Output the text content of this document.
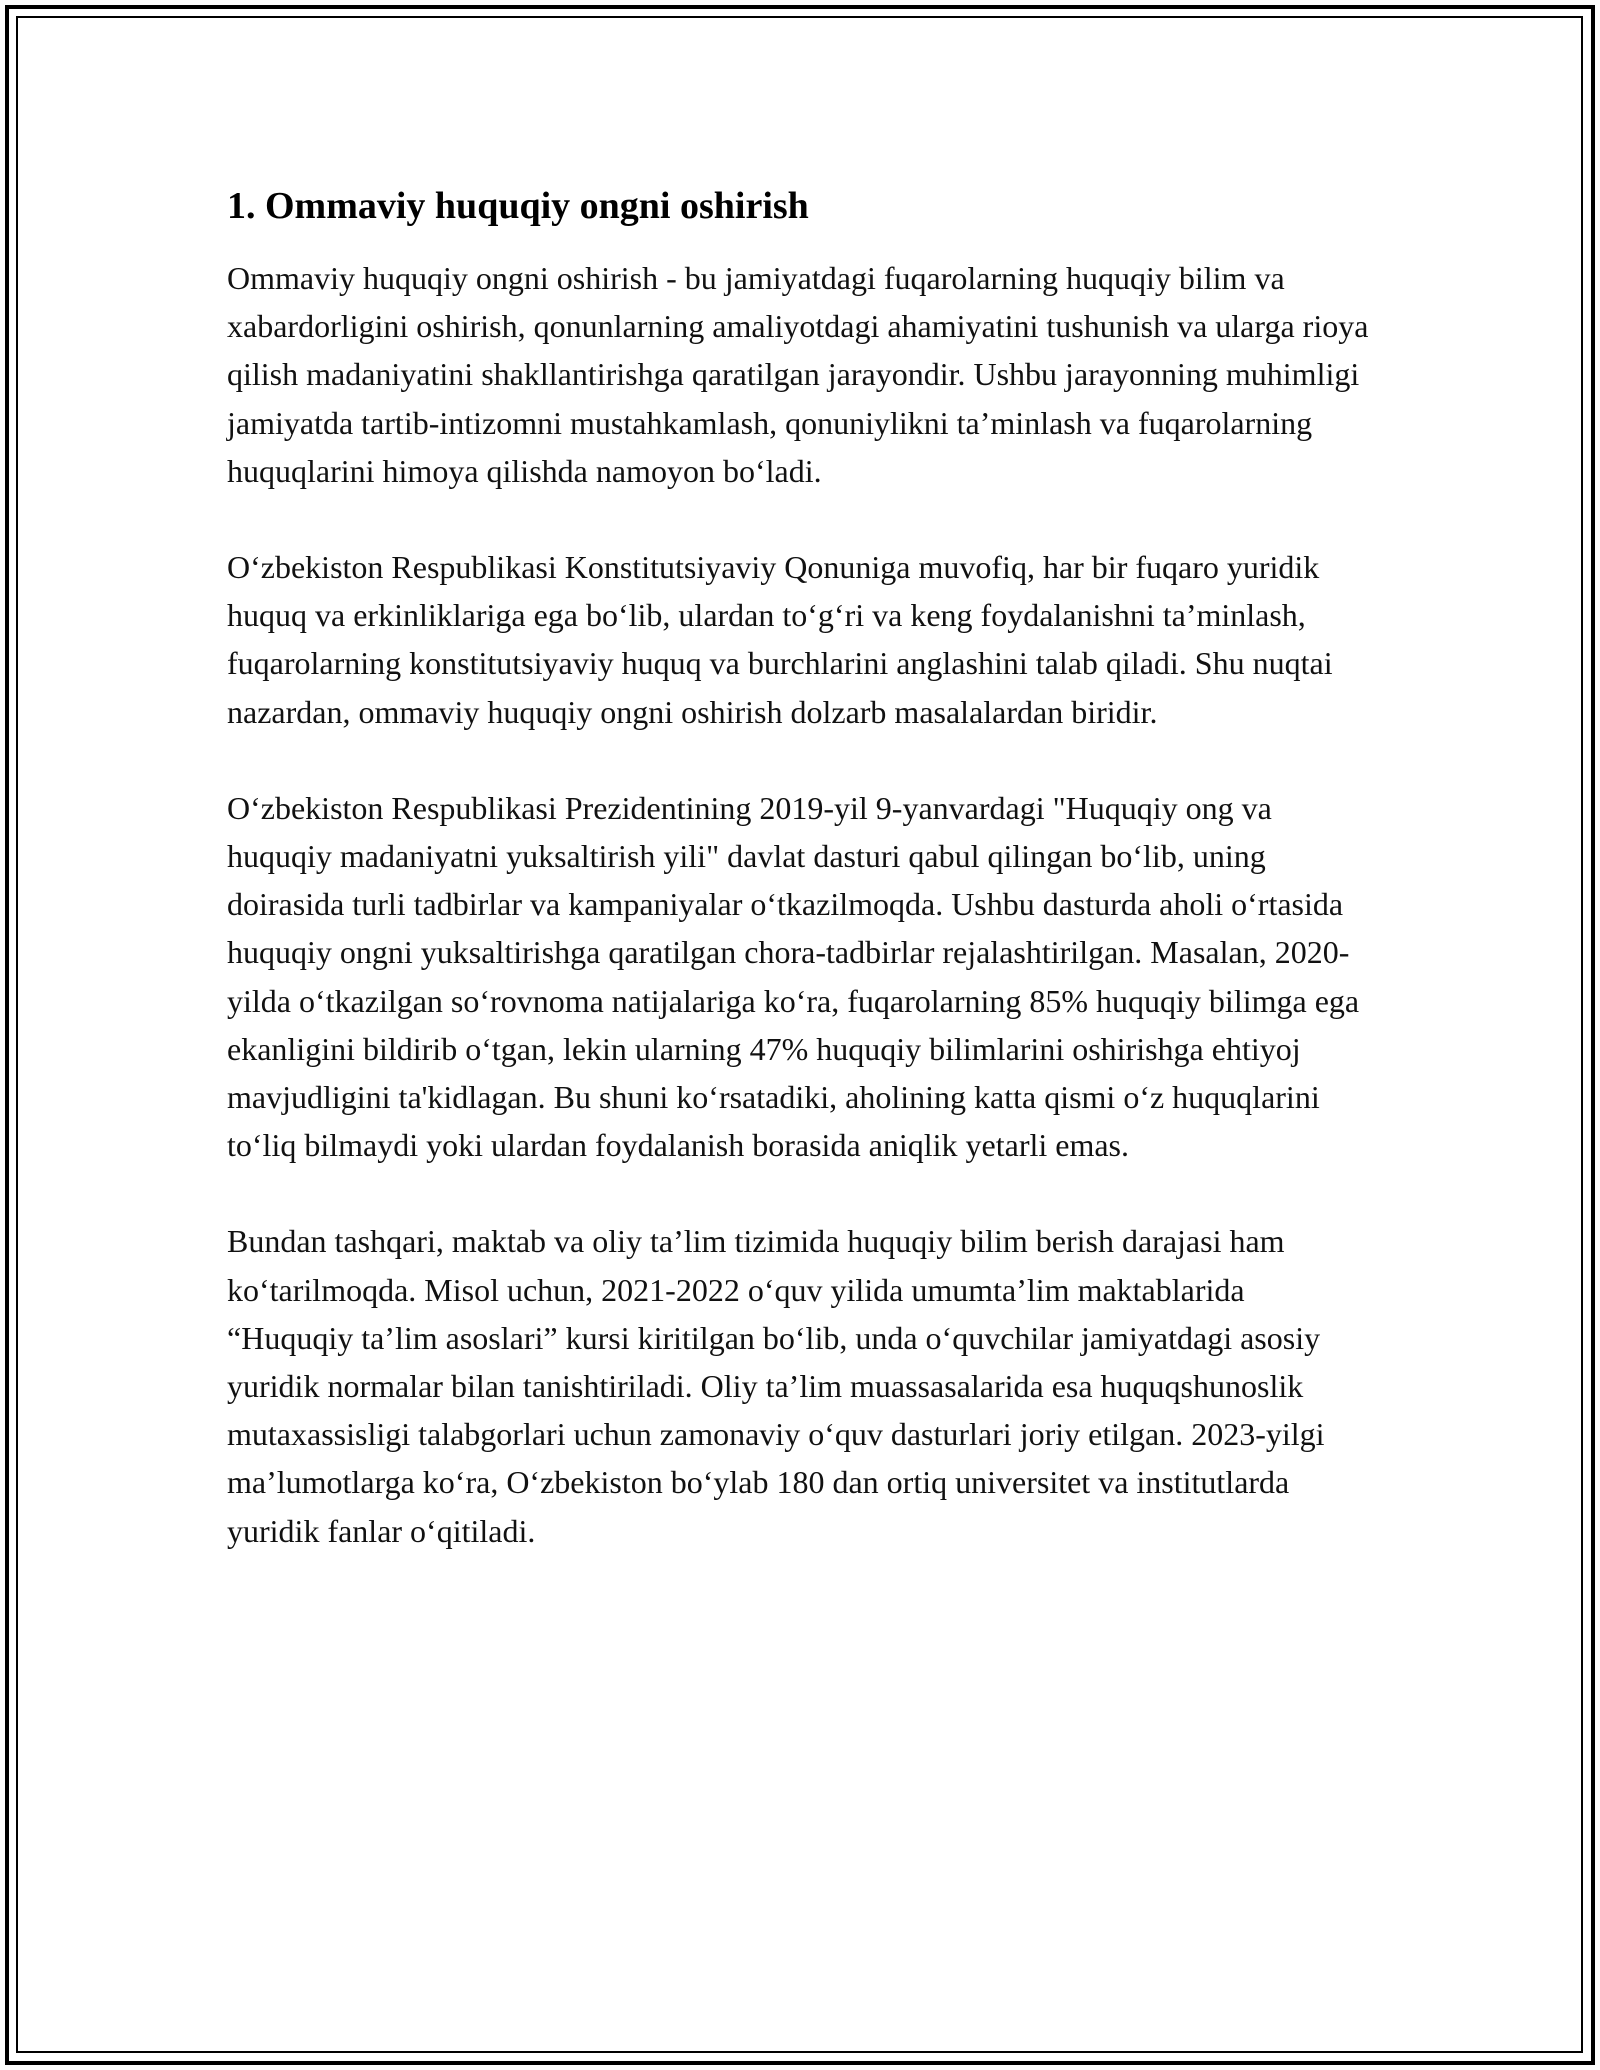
1. Ommaviy huquqiy ongni oshirish

Ommaviy huquqiy ongni oshirish - bu jamiyatdagi fuqarolarning huquqiy bilim va xabardorligini oshirish, qonunlarning amaliyotdagi ahamiyatini tushunish va ularga rioya qilish madaniyatini shakllantirishga qaratilgan jarayondir. Ushbu jarayonning muhimligi jamiyatda tartib-intizomni mustahkamlash, qonuniylikni ta’minlash va fuqarolarning huquqlarini himoya qilishda namoyon bo‘ladi.

O‘zbekiston Respublikasi Konstitutsiyaviy Qonuniga muvofiq, har bir fuqaro yuridik huquq va erkinliklariga ega bo‘lib, ulardan to‘g‘ri va keng foydalanishni ta’minlash, fuqarolarning konstitutsiyaviy huquq va burchlarini anglashini talab qiladi. Shu nuqtai nazardan, ommaviy huquqiy ongni oshirish dolzarb masalalardan biridir.

O‘zbekiston Respublikasi Prezidentining 2019-yil 9-yanvardagi "Huquqiy ong va huquqiy madaniyatni yuksaltirish yili" davlat dasturi qabul qilingan bo‘lib, uning doirasida turli tadbirlar va kampaniyalar o‘tkazilmoqda. Ushbu dasturda aholi o‘rtasida huquqiy ongni yuksaltirishga qaratilgan chora-tadbirlar rejalashtirilgan. Masalan, 2020-yilda o‘tkazilgan so‘rovnoma natijalariga ko‘ra, fuqarolarning 85% huquqiy bilimga ega ekanligini bildirib o‘tgan, lekin ularning 47% huquqiy bilimlarini oshirishga ehtiyoj mavjudligini ta'kidlagan. Bu shuni ko‘rsatadiki, aholining katta qismi o‘z huquqlarini to‘liq bilmaydi yoki ulardan foydalanish borasida aniqlik yetarli emas.

Bundan tashqari, maktab va oliy ta’lim tizimida huquqiy bilim berish darajasi ham ko‘tarilmoqda. Misol uchun, 2021-2022 o‘quv yilida umumta’lim maktablarida “Huquqiy ta’lim asoslari” kursi kiritilgan bo‘lib, unda o‘quvchilar jamiyatdagi asosiy yuridik normalar bilan tanishtiriladi. Oliy ta’lim muassasalarida esa huquqshunoslik mutaxassisligi talabgorlari uchun zamonaviy o‘quv dasturlari joriy etilgan. 2023-yilgi ma’lumotlarga ko‘ra, O‘zbekiston bo‘ylab 180 dan ortiq universitet va institutlarda yuridik fanlar o‘qitiladi.
